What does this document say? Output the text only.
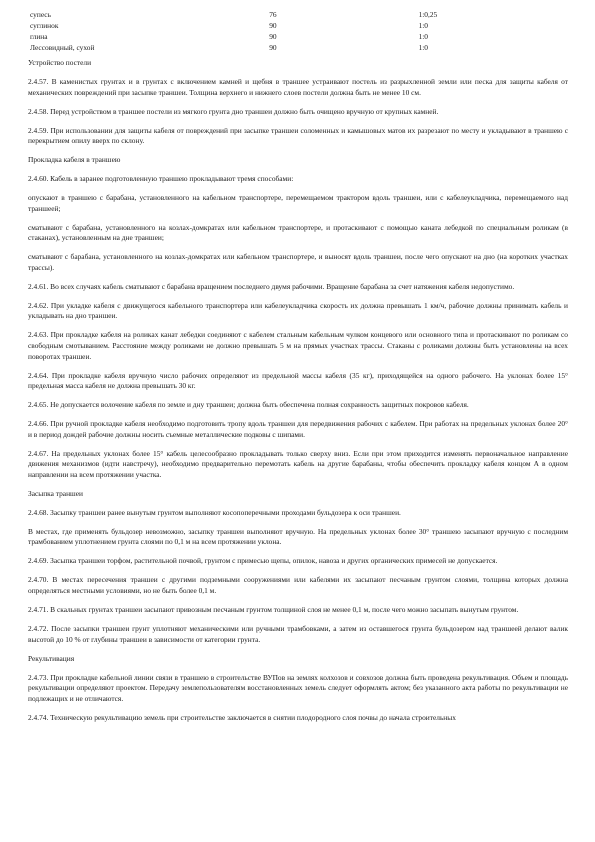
супесь	76	1:0,25
суглинок	90	1:0
глина	90	1:0
Лессовидный, сухой	90	1:0

Устройство постели

2.4.57. В каменистых грунтах и в грунтах с включением камней и щебня в траншее устраивают постель из разрыхленной земли или песка для защиты кабеля от механических повреждений при засыпке траншеи. Толщина верхнего и нижнего слоев постели должна быть не менее 10 см.

2.4.58. Перед устройством в траншее постели из мягкого грунта дно траншеи должно быть очищено вручную от крупных камней.

2.4.59. При использовании для защиты кабеля от повреждений при засыпке траншеи соломенных и камышовых матов их разрезают по месту и укладывают в траншею с перекрытием опилу вверх по склону.

Прокладка кабеля в траншею

2.4.60. Кабель в заранее подготовленную траншею прокладывают тремя способами:

опускают в траншею с барабана, установленного на кабельном транспортере, перемещаемом трактором вдоль траншеи, или с кабелеукладчика, перемещаемого над траншеей;

сматывают с барабана, установленного на козлах-домкратах или кабельном транспортере, и протаскивают с помощью каната лебедкой по специальным роликам (в стаканах), установленным на дне траншеи;

сматывают с барабана, установленного на козлах-домкратах или кабельном транспортере, и выносят вдоль траншеи, после чего опускают на дно (на коротких участках трассы).

2.4.61. Во всех случаях кабель сматывают с барабана вращением последнего двумя рабочими. Вращение барабана за счет натяжения кабеля недопустимо.

2.4.62. При укладке кабеля с движущегося кабельного транспортера или кабелеукладчика скорость их должна превышать 1 км/ч, рабочие должны принимать кабель и укладывать на дно траншеи.

2.4.63. При прокладке кабеля на роликах канат лебедки соединяют с кабелем стальным кабельным чулком концевого или основного типа и протаскивают по роликам со свободным смотыванием. Расстояние между роликами не должно превышать 5 м на прямых участках трассы. Стаканы с роликами должны быть установлены на всех поворотах траншеи.

2.4.64. При прокладке кабеля вручную число рабочих определяют из предельной массы кабеля (35 кг), приходящейся на одного рабочего. На уклонах более 15° предельная масса кабеля не должна превышать 30 кг.

2.4.65. Не допускается волочение кабеля по земле и дну траншеи; должна быть обеспечена полная сохранность защитных покровов кабеля.

2.4.66. При ручной прокладке кабеля необходимо подготовить тропу вдоль траншеи для передвижения рабочих с кабелем. При работах на предельных уклонах более 20° и в период дождей рабочие должны носить съемные металлические подковы с шипами.

2.4.67. На предельных уклонах более 15° кабель целесообразно прокладывать только сверху вниз. Если при этом приходится изменять первоначальное направление движения механизмов (идти навстречу), необходимо предварительно перемотать кабель на другие барабаны, чтобы обеспечить прокладку кабеля концом А в одном направлении на всем протяжении участка.

Засыпка траншеи

2.4.68. Засыпку траншеи ранее вынутым грунтом выполняют косопоперечными проходами бульдозера к оси траншеи.

В местах, где применять бульдозер невозможно, засыпку траншеи выполняют вручную. На предельных уклонах более 30° траншею засыпают вручную с последним трамбованием уплотнением грунта слоями по 0,1 м на всем протяжении уклона.

2.4.69. Засыпка траншеи торфом, растительной почвой, грунтом с примесью щепы, опилок, навоза и других органических примесей не допускается.

2.4.70. В местах пересечения траншеи с другими подземными сооружениями или кабелями их засыпают песчаным грунтом слоями, толщина которых должна определяться местными условиями, но не быть более 0,1 м.

2.4.71. В скальных грунтах траншеи засыпают привозным песчаным грунтом толщиной слоя не менее 0,1 м, после чего можно засыпать вынутым грунтом.

2.4.72. После засыпки траншеи грунт уплотняют механическими или ручными трамбовками, а затем из оставшегося грунта бульдозером над траншеей делают валик высотой до 10 % от глубины траншеи в зависимости от категории грунта.

Рекультивация

2.4.73. При прокладке кабельной линии связи в траншею в строительстве ВУПов на землях колхозов и совхозов должна быть проведена рекультивация. Объем и площадь рекультивации определяют проектом. Передачу землепользователям восстановленных земель следует оформлять актом; без указанного акта работы по рекультивации не подлежащих и не отличаются.

2.4.74. Техническую рекультивацию земель при строительстве заключается в снятии плодородного слоя почвы до начала строительных
